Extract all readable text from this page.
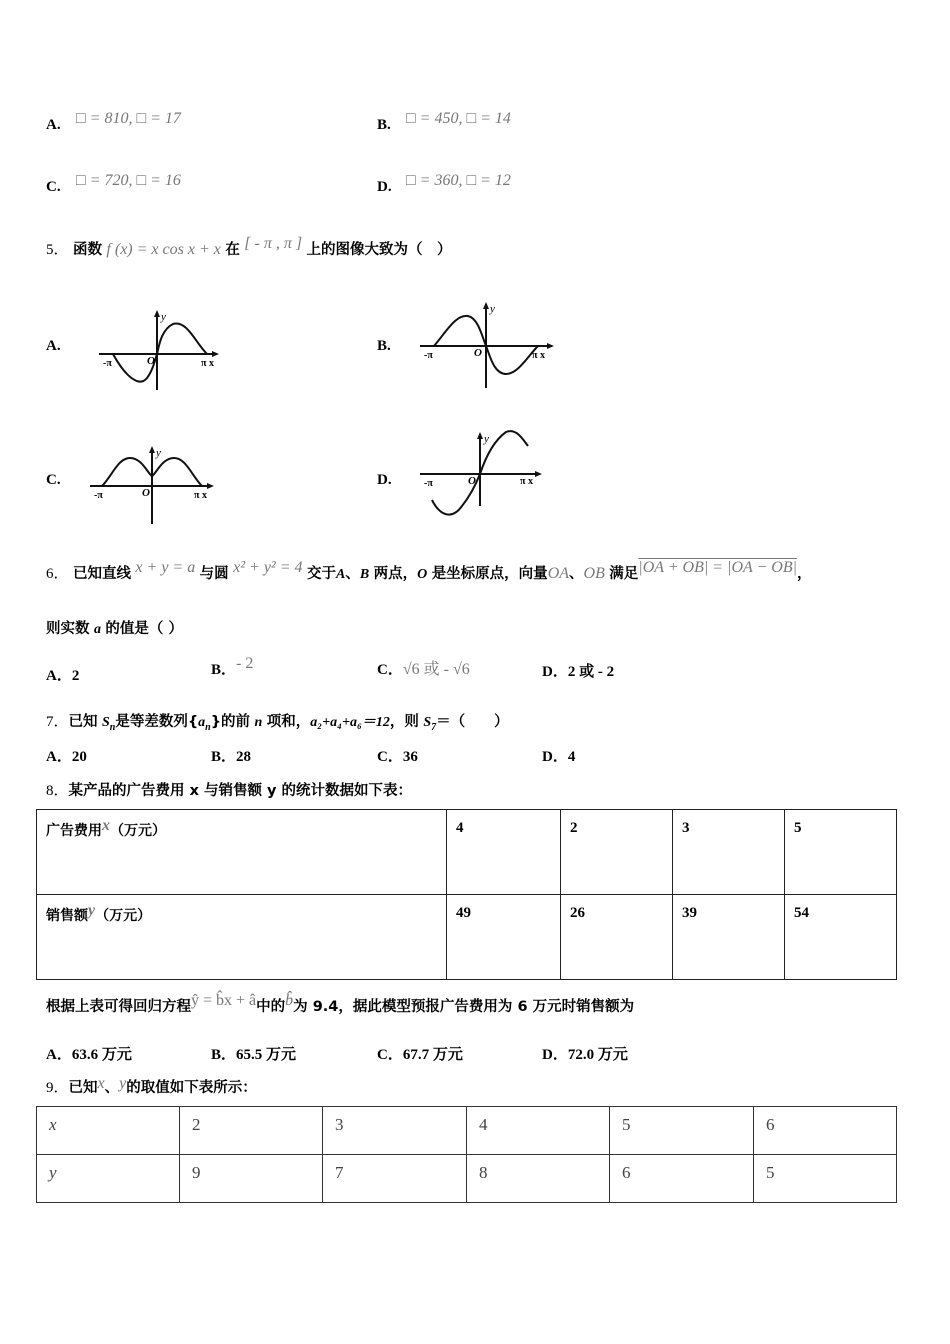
A. □ = 810, □ = 17	B. □ = 450, □ = 14
C. □ = 720, □ = 16	D. □ = 360, □ = 12
5． 函数 f (x) = x cos x + x 在 [ - π , π ] 上的图像大致为（　）
A.
-π	O	π x
y
B.
-π	O	π x
y
C.
-π	O	π x
y
D.	-π	O	π x
y
6． 已知直线 x + y = a 与圆 x² + y² = 4 交于A、B 两点，O 是坐标原点，向量OA、OB 满足|OA + OB| = |OA − OB|，
则实数 a 的值是（ ）
A．2	B．- 2	C．√6 或 - √6	D．2 或 - 2
7．已知 $S_n$是等差数列$\{a_n\}$的前 n 项和，a₂+a₄+a₆＝12，则 $S_7=$（　　）
A．20	B．28	C．36	D．4
8．某产品的广告费用 x 与销售额 y 的统计数据如下表：
广告费用x（万元）	4	2	3	5
销售额y（万元）	49	26	39	54
根据上表可得回归方程ŷ = b̂x + â中的b̂为 9.4，据此模型预报广告费用为 6 万元时销售额为
A．63.6 万元	B．65.5 万元	C．67.7 万元	D．72.0 万元
9．已知x、y的取值如下表所示：
x	2	3	4	5	6
y	9	7	8	6	5
